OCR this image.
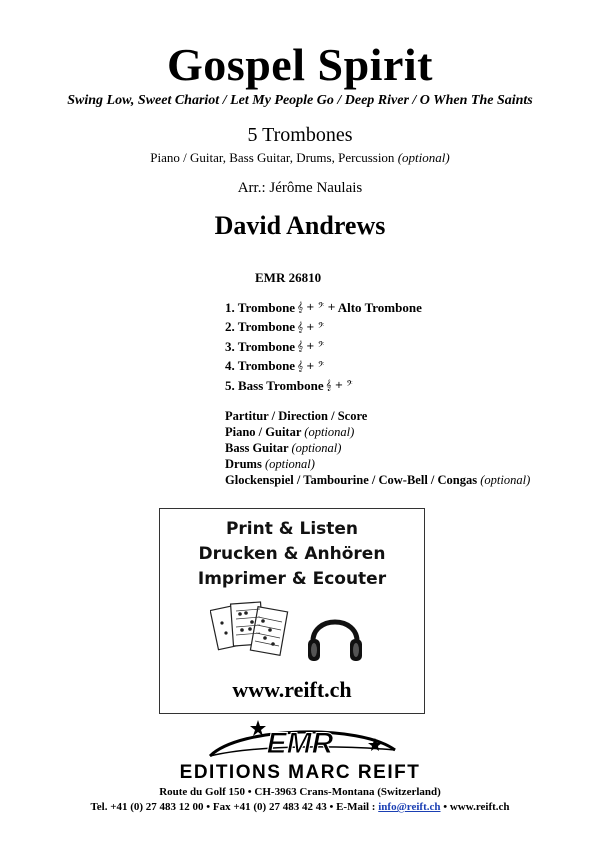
Gospel Spirit
Swing Low, Sweet Chariot / Let My People Go / Deep River / O When The Saints
5 Trombones
Piano / Guitar, Bass Guitar, Drums, Percussion (optional)
Arr.: Jérôme Naulais
David Andrews
EMR 26810
1. Trombone 𝄞 + 𝄢 + Alto Trombone
2. Trombone 𝄞 + 𝄢
3. Trombone 𝄞 + 𝄢
4. Trombone 𝄞 + 𝄢
5. Bass Trombone 𝄞 + 𝄢
Partitur / Direction / Score
Piano / Guitar (optional)
Bass Guitar (optional)
Drums (optional)
Glockenspiel / Tambourine / Cow-Bell / Congas (optional)
Print & Listen
Drucken & Anhören
Imprimer & Ecouter
www.reift.ch
EMR
EDITIONS MARC REIFT
Route du Golf 150 • CH-3963 Crans-Montana (Switzerland)
Tel. +41 (0) 27 483 12 00 • Fax +41 (0) 27 483 42 43 • E-Mail : info@reift.ch • www.reift.ch
